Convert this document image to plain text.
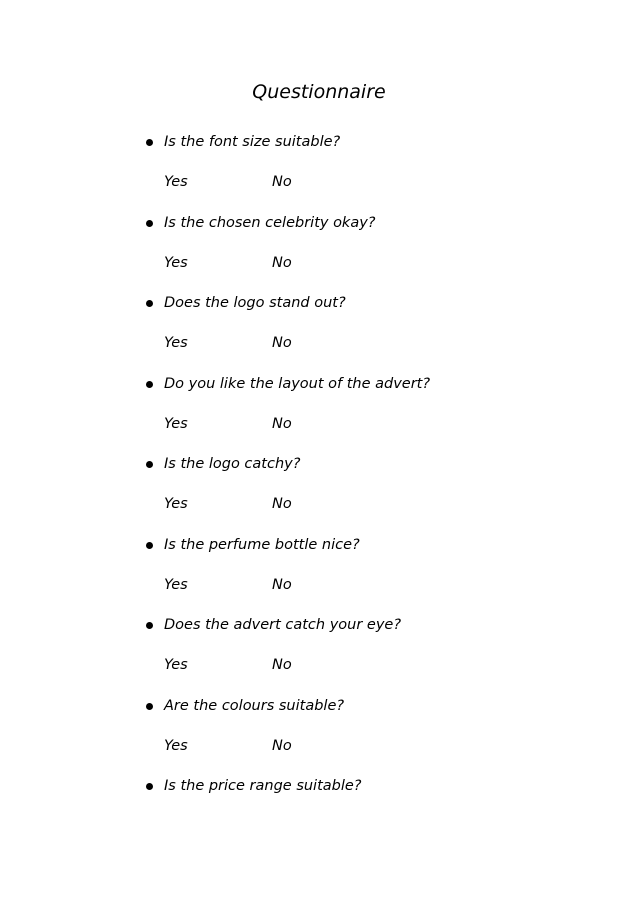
Questionnaire
Is the font size suitable?
Yes	No
Is the chosen celebrity okay?
Yes	No
Does the logo stand out?
Yes	No
Do you like the layout of the advert?
Yes	No
Is the logo catchy?
Yes	No
Is the perfume bottle nice?
Yes	No
Does the advert catch your eye?
Yes	No
Are the colours suitable?
Yes	No
Is the price range suitable?
